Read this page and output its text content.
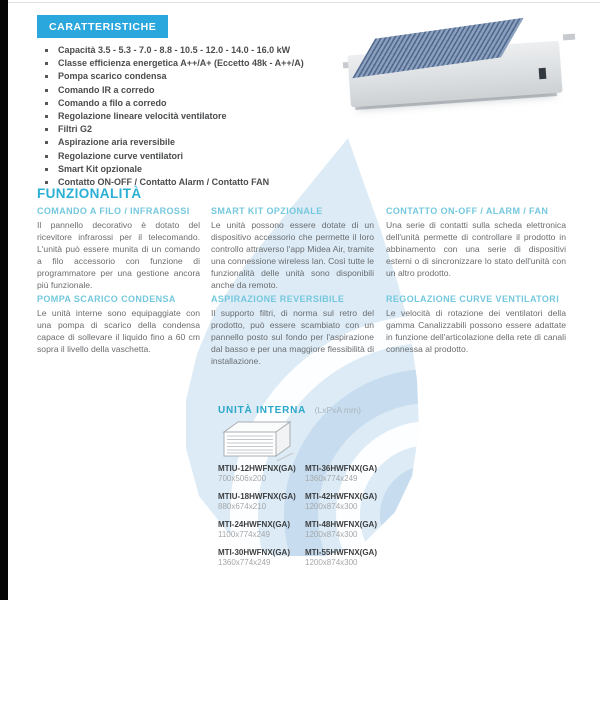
CARATTERISTICHE
Capacità 3.5 - 5.3 - 7.0 - 8.8 - 10.5 - 12.0 - 14.0 - 16.0 kW
Classe efficienza energetica A++/A+ (Eccetto 48k - A++/A)
Pompa scarico condensa
Comando IR a corredo
Comando a filo a corredo
Regolazione lineare velocità ventilatore
Filtri G2
Aspirazione aria reversibile
Regolazione curve ventilatori
Smart Kit opzionale
Contatto ON-OFF / Contatto Alarm / Contatto FAN
FUNZIONALITÀ
COMANDO A FILO / INFRAROSSI

Il pannello decorativo è dotato del ricevitore infrarossi per il telecomando. L'unità può essere munita di un comando a filo accessorio con funzione di programmatore per una gestione ancora più funzionale.

POMPA SCARICO CONDENSA

Le unità interne sono equipaggiate con una pompa di scarico della condensa capace di sollevare il liquido fino a 60 cm sopra il livello della vaschetta.

SMART KIT OPZIONALE

Le unità possono essere dotate di un dispositivo accessorio che permette il loro controllo attraverso l'app Midea Air, tramite una connessione wireless lan. Così tutte le funzionalità delle unità sono disponibili anche da remoto.

ASPIRAZIONE REVERSIBILE

Il supporto filtri, di norma sul retro del prodotto, può essere scambiato con un pannello posto sul fondo per l'aspirazione dal basso e per una maggiore flessibilità di installazione.

CONTATTO ON-OFF / ALARM / FAN

Una serie di contatti sulla scheda elettronica dell'unità permette di controllare il prodotto in abbinamento con una serie di dispositivi esterni o di sincronizzare lo stato dell'unità con un altro prodotto.

REGOLAZIONE CURVE VENTILATORI

Le velocità di rotazione dei ventilatori della gamma Canalizzabili possono essere adattate in funzione dell'articolazione della rete di canali connessa al prodotto.

UNITÀ INTERNA (LxPxA mm)
MTIU-12HWFNX(GA)
700x506x200
MTIU-18HWFNX(GA)
880x674x210
MTI-24HWFNX(GA)
1100x774x249
MTI-30HWFNX(GA)
1360x774x249
MTI-36HWFNX(GA)
1360x774x249
MTI-42HWFNX(GA)
1200x874x300
MTI-48HWFNX(GA)
1200x874x300
MTI-55HWFNX(GA)
1200x874x300
